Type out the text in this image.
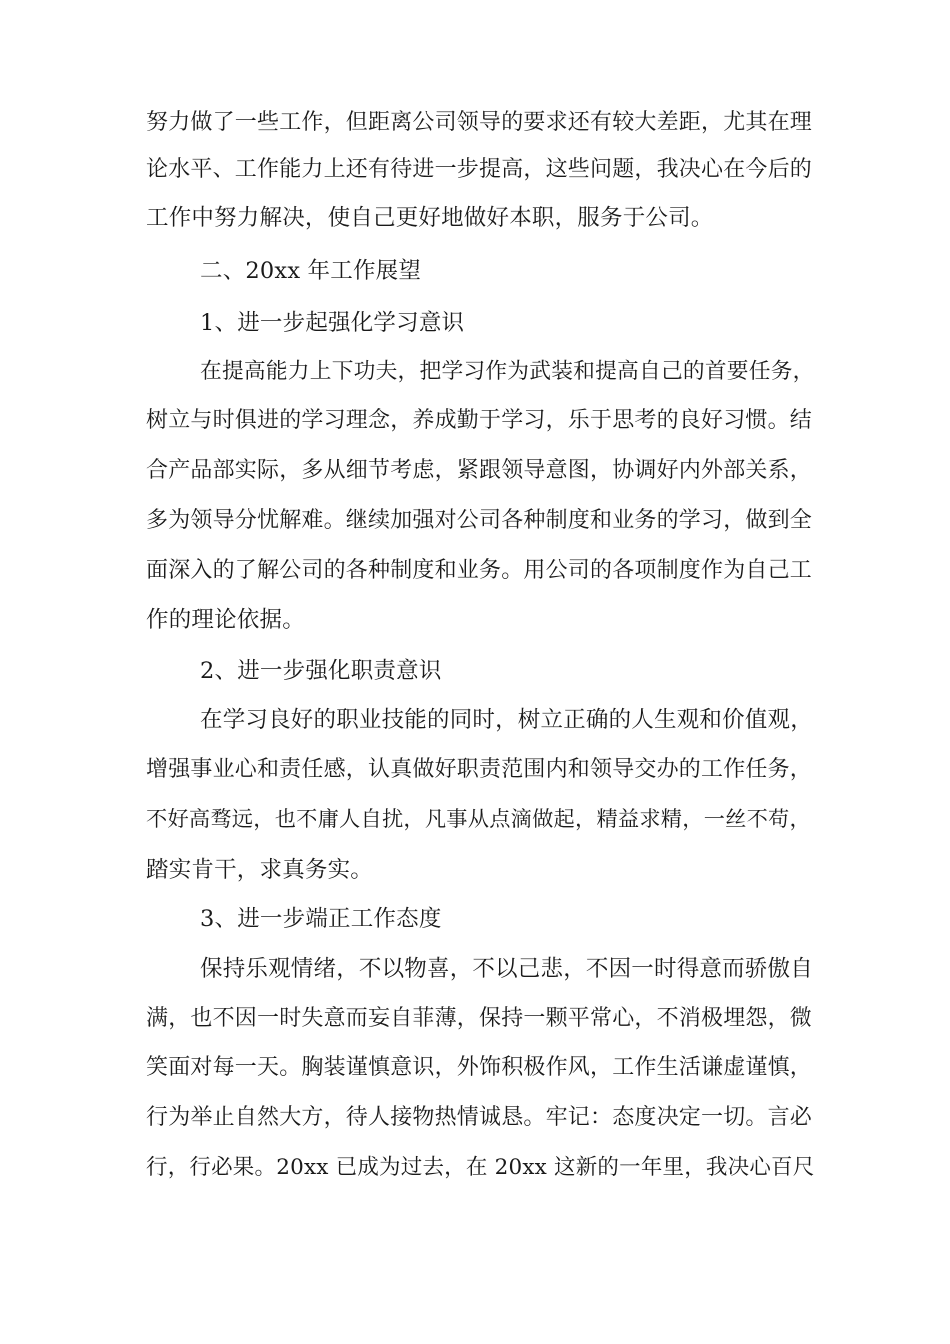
努力做了一些工作，但距离公司领导的要求还有较大差距，尤其在理
论水平、工作能力上还有待进一步提高，这些问题，我决心在今后的
工作中努力解决，使自己更好地做好本职，服务于公司。
二、20xx 年工作展望
1、进一步起强化学习意识
在提高能力上下功夫，把学习作为武装和提高自己的首要任务，
树立与时俱进的学习理念，养成勤于学习，乐于思考的良好习惯。结
合产品部实际，多从细节考虑，紧跟领导意图，协调好内外部关系，
多为领导分忧解难。继续加强对公司各种制度和业务的学习，做到全
面深入的了解公司的各种制度和业务。用公司的各项制度作为自己工
作的理论依据。
2、进一步强化职责意识
在学习良好的职业技能的同时，树立正确的人生观和价值观，
增强事业心和责任感，认真做好职责范围内和领导交办的工作任务，
不好高骛远，也不庸人自扰，凡事从点滴做起，精益求精，一丝不苟，
踏实肯干，求真务实。
3、进一步端正工作态度
保持乐观情绪，不以物喜，不以己悲，不因一时得意而骄傲自
满，也不因一时失意而妄自菲薄，保持一颗平常心，不消极埋怨，微
笑面对每一天。胸装谨慎意识，外饰积极作风，工作生活谦虚谨慎，
行为举止自然大方，待人接物热情诚恳。牢记：态度决定一切。言必
行，行必果。20xx 已成为过去，在 20xx 这新的一年里，我决心百尺
